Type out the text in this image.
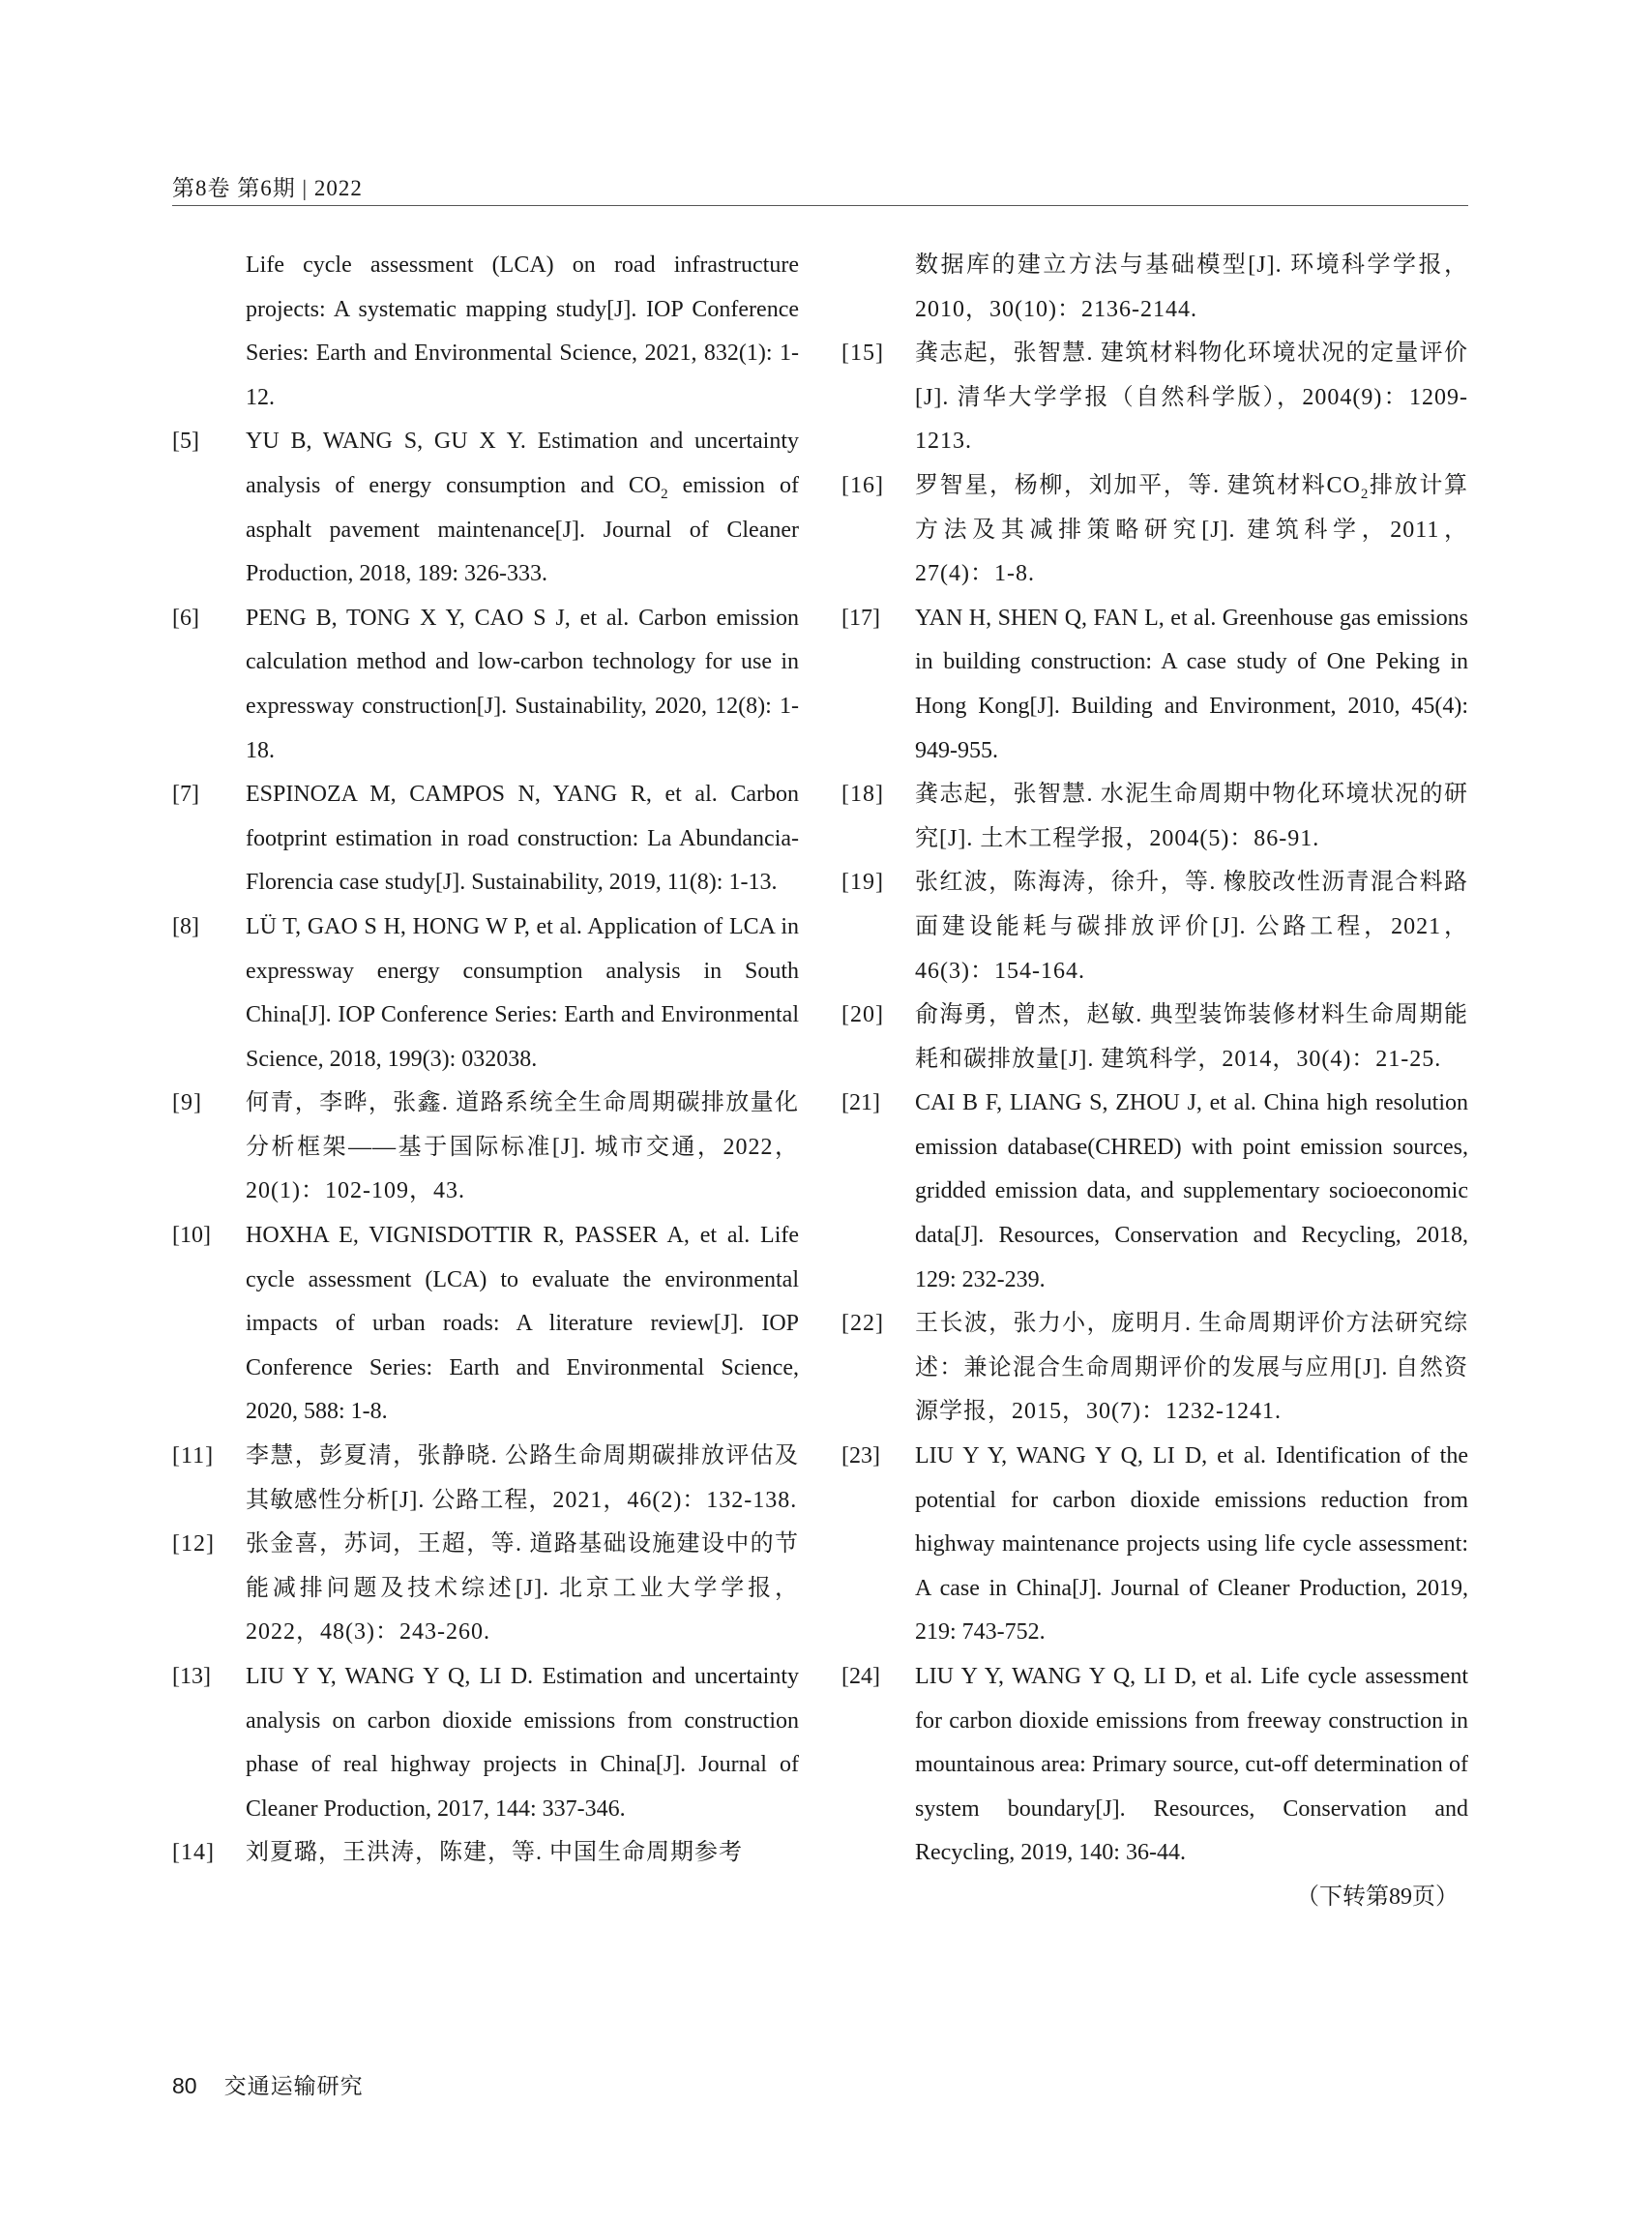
第8卷 第6期 | 2022
Life cycle assessment (LCA) on road infrastructure projects: A systematic mapping study[J]. IOP Conference Series: Earth and Environmental Science, 2021, 832(1): 1-12.
[5] YU B, WANG S, GU X Y. Estimation and uncertainty analysis of energy consumption and $CO_2$ emission of asphalt pavement maintenance[J]. Journal of Cleaner Production, 2018, 189: 326-333.
[6] PENG B, TONG X Y, CAO S J, et al. Carbon emission calculation method and low-carbon technology for use in expressway construction[J]. Sustainability, 2020, 12(8): 1-18.
[7] ESPINOZA M, CAMPOS N, YANG R, et al. Carbon footprint estimation in road construction: La Abundancia-Florencia case study[J]. Sustainability, 2019, 11(8): 1-13.
[8] LÜ T, GAO S H, HONG W P, et al. Application of LCA in expressway energy consumption analysis in South China[J]. IOP Conference Series: Earth and Environmental Science, 2018, 199(3): 032038.
[9] 何青，李晔，张鑫. 道路系统全生命周期碳排放量化分析框架——基于国际标准[J]. 城市交通，2022，20(1)：102-109，43.
[10] HOXHA E, VIGNISDOTTIR R, PASSER A, et al. Life cycle assessment (LCA) to evaluate the environmental impacts of urban roads: A literature review[J]. IOP Conference Series: Earth and Environmental Science, 2020, 588: 1-8.
[11] 李慧，彭夏清，张静晓. 公路生命周期碳排放评估及其敏感性分析[J]. 公路工程，2021，46(2)：132-138.
[12] 张金喜，苏词，王超，等. 道路基础设施建设中的节能减排问题及技术综述[J]. 北京工业大学学报，2022，48(3)：243-260.
[13] LIU Y Y, WANG Y Q, LI D. Estimation and uncertainty analysis on carbon dioxide emissions from construction phase of real highway projects in China[J]. Journal of Cleaner Production, 2017, 144: 337-346.
[14] 刘夏璐，王洪涛，陈建，等. 中国生命周期参考
数据库的建立方法与基础模型[J]. 环境科学学报，2010，30(10)：2136-2144.
[15] 龚志起，张智慧. 建筑材料物化环境状况的定量评价[J]. 清华大学学报（自然科学版），2004(9)：1209-1213.
[16] 罗智星，杨柳，刘加平，等. 建筑材料$CO_2$排放计算方法及其减排策略研究[J]. 建筑科学，2011，27(4)：1-8.
[17] YAN H, SHEN Q, FAN L, et al. Greenhouse gas emissions in building construction: A case study of One Peking in Hong Kong[J]. Building and Environment, 2010, 45(4): 949-955.
[18] 龚志起，张智慧. 水泥生命周期中物化环境状况的研究[J]. 土木工程学报，2004(5)：86-91.
[19] 张红波，陈海涛，徐升，等. 橡胶改性沥青混合料路面建设能耗与碳排放评价[J]. 公路工程，2021，46(3)：154-164.
[20] 俞海勇，曾杰，赵敏. 典型装饰装修材料生命周期能耗和碳排放量[J]. 建筑科学，2014，30(4)：21-25.
[21] CAI B F, LIANG S, ZHOU J, et al. China high resolution emission database(CHRED) with point emission sources, gridded emission data, and supplementary socioeconomic data[J]. Resources, Conservation and Recycling, 2018, 129: 232-239.
[22] 王长波，张力小，庞明月. 生命周期评价方法研究综述：兼论混合生命周期评价的发展与应用[J]. 自然资源学报，2015，30(7)：1232-1241.
[23] LIU Y Y, WANG Y Q, LI D, et al. Identification of the potential for carbon dioxide emissions reduction from highway maintenance projects using life cycle assessment: A case in China[J]. Journal of Cleaner Production, 2019, 219: 743-752.
[24] LIU Y Y, WANG Y Q, LI D, et al. Life cycle assessment for carbon dioxide emissions from freeway construction in mountainous area: Primary source, cut-off determination of system boundary[J]. Resources, Conservation and Recycling, 2019, 140: 36-44.
（下转第89页）
80 交通运输研究
